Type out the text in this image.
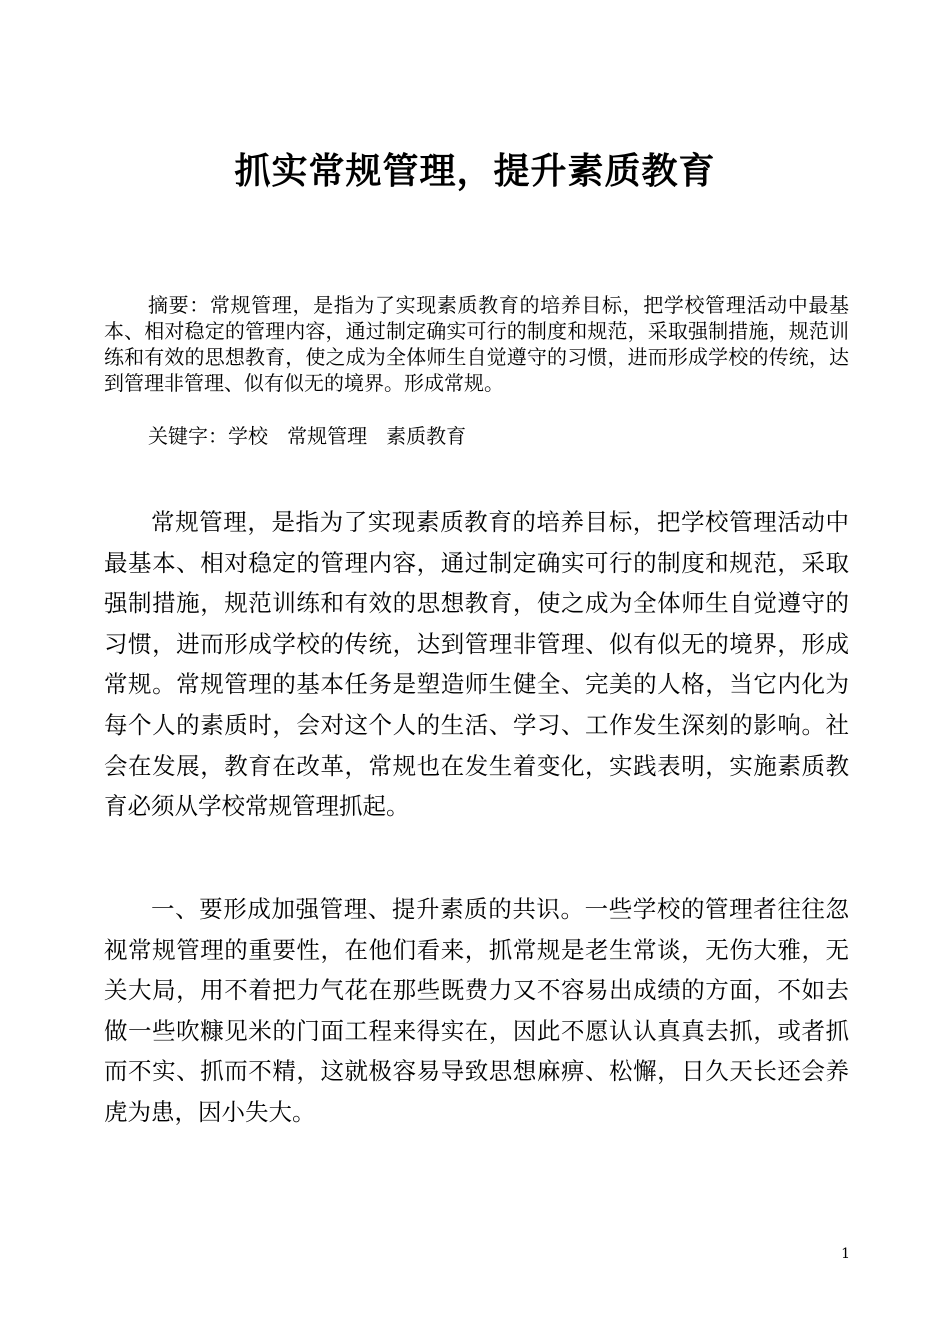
抓实常规管理，提升素质教育

摘要：常规管理，是指为了实现素质教育的培养目标，把学校管理活动中最基本、相对稳定的管理内容，通过制定确实可行的制度和规范，采取强制措施，规范训练和有效的思想教育，使之成为全体师生自觉遵守的习惯，进而形成学校的传统，达到管理非管理、似有似无的境界。形成常规。

关键字：学校   常规管理   素质教育

常规管理，是指为了实现素质教育的培养目标，把学校管理活动中最基本、相对稳定的管理内容，通过制定确实可行的制度和规范，采取强制措施，规范训练和有效的思想教育，使之成为全体师生自觉遵守的习惯，进而形成学校的传统，达到管理非管理、似有似无的境界，形成常规。常规管理的基本任务是塑造师生健全、完美的人格，当它内化为每个人的素质时，会对这个人的生活、学习、工作发生深刻的影响。社会在发展，教育在改革，常规也在发生着变化，实践表明，实施素质教育必须从学校常规管理抓起。

一、要形成加强管理、提升素质的共识。一些学校的管理者往往忽视常规管理的重要性，在他们看来，抓常规是老生常谈，无伤大雅，无关大局，用不着把力气花在那些既费力又不容易出成绩的方面，不如去做一些吹糠见米的门面工程来得实在，因此不愿认认真真去抓，或者抓而不实、抓而不精，这就极容易导致思想麻痹、松懈，日久天长还会养虎为患，因小失大。

1
